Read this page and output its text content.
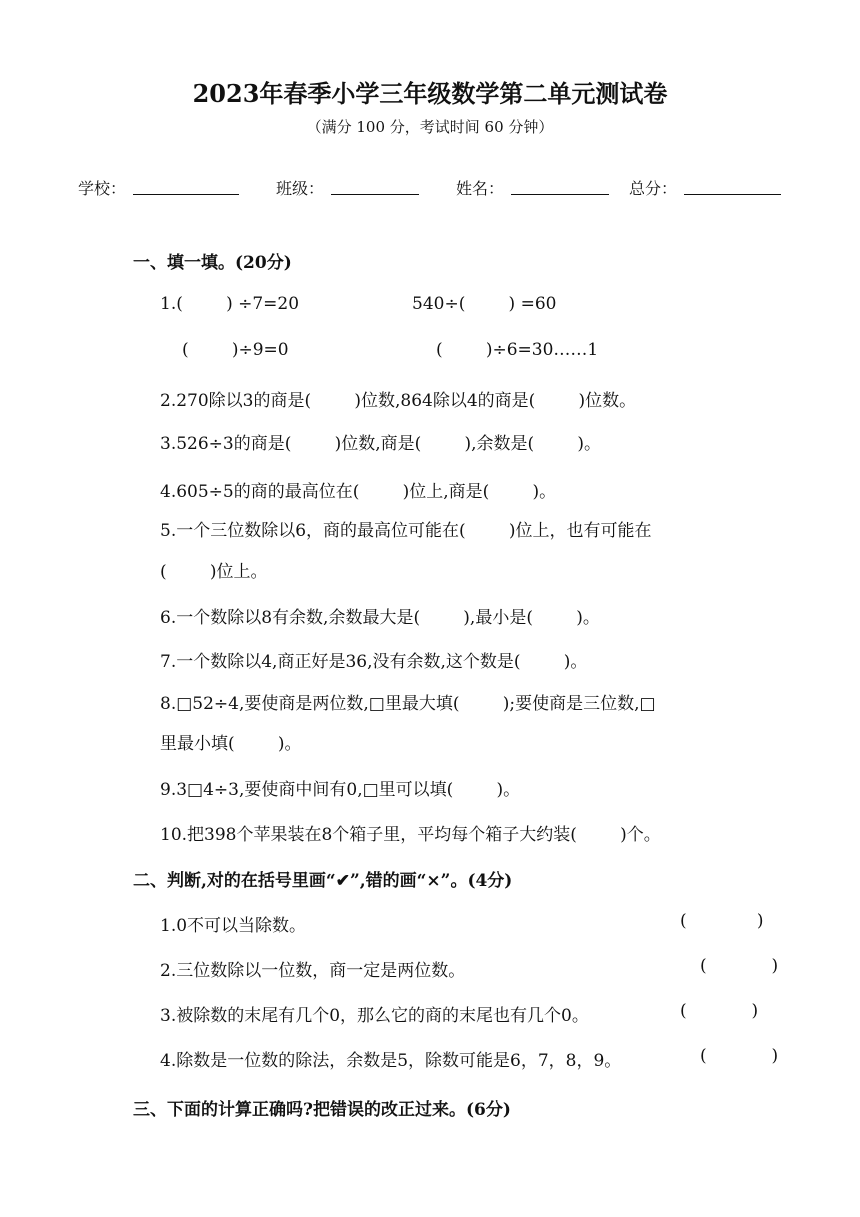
2023年春季小学三年级数学第二单元测试卷
（满分 100 分，考试时间 60 分钟）
学校：	班级：	姓名：	总分：
一、填一填。(20分)
1.(        ) ÷7=20	540÷(        ) =60
(        )÷9=0	(        )÷6=30……1
2.270除以3的商是(        )位数,864除以4的商是(        )位数。
3.526÷3的商是(        )位数,商是(        ),余数是(        )。
4.605÷5的商的最高位在(        )位上,商是(        )。
5.一个三位数除以6，商的最高位可能在(        )位上，也有可能在
(        )位上。
6.一个数除以8有余数,余数最大是(        ),最小是(        )。
7.一个数除以4,商正好是36,没有余数,这个数是(        )。
8.□52÷4,要使商是两位数,□里最大填(        );要使商是三位数,□
里最小填(        )。
9.3□4÷3,要使商中间有0,□里可以填(        )。
10.把398个苹果装在8个箱子里，平均每个箱子大约装(        )个。
二、判断,对的在括号里画“✔”,错的画“×”。(4分)
1.0不可以当除数。	(             )
2.三位数除以一位数，商一定是两位数。	(            )
3.被除数的末尾有几个0，那么它的商的末尾也有几个0。	(            )
4.除数是一位数的除法，余数是5，除数可能是6，7，8，9。	(            )
三、下面的计算正确吗?把错误的改正过来。(6分)
